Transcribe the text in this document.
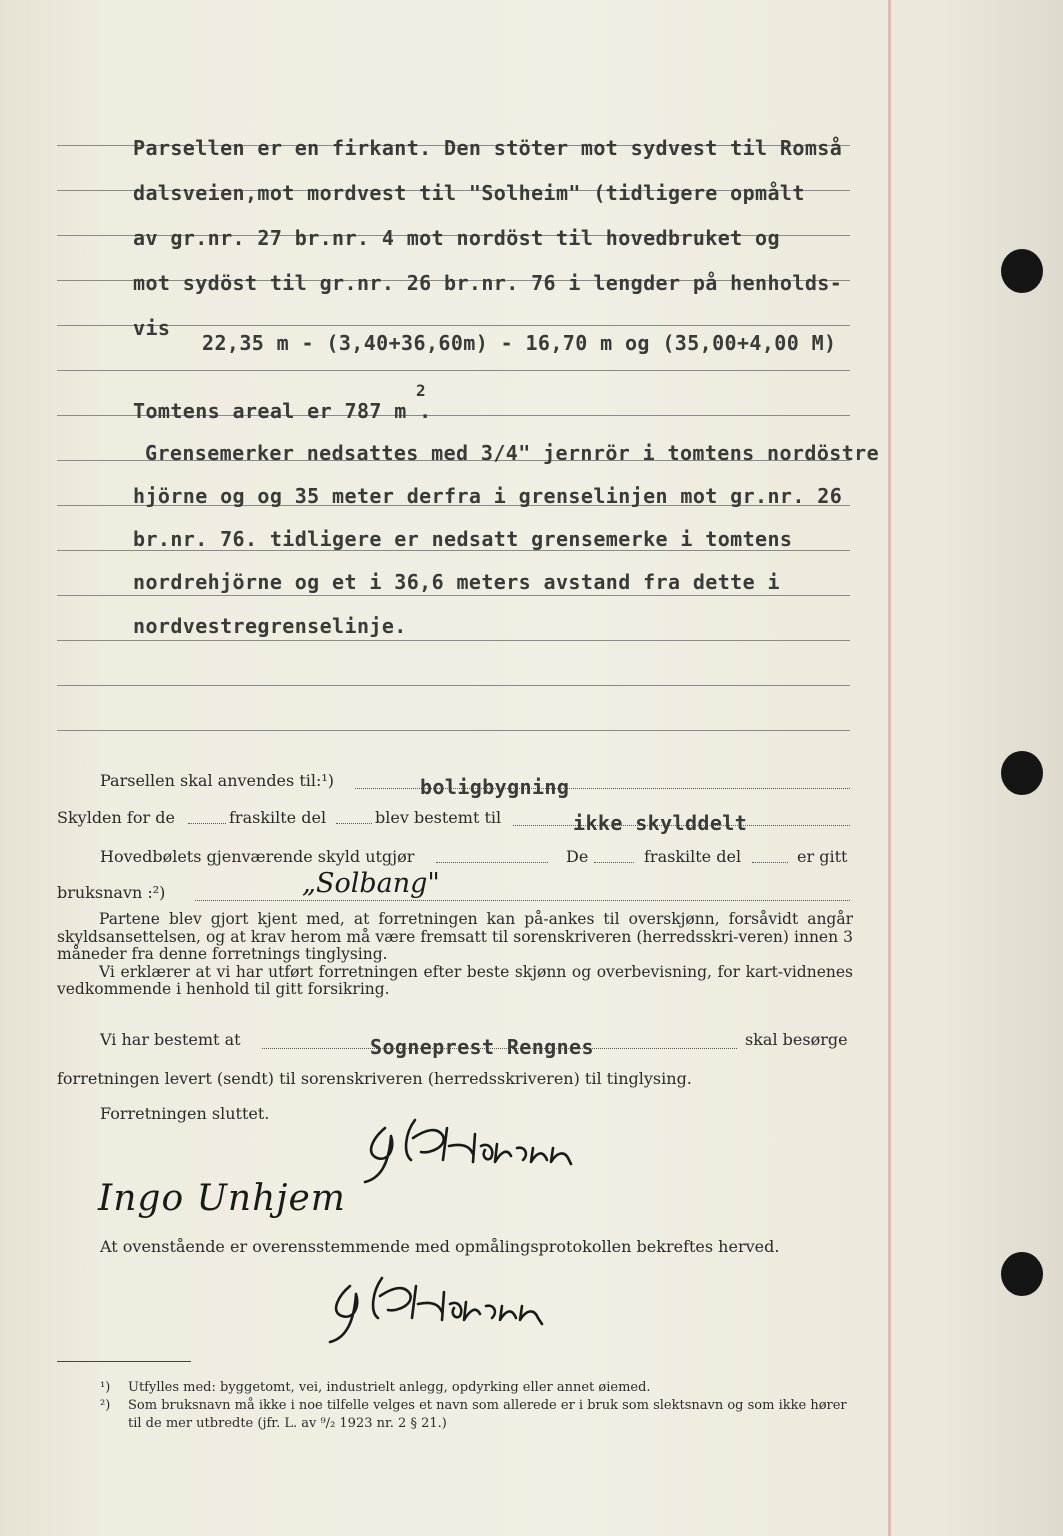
Parsellen er en firkant. Den stöter mot sydvest til Romså
dalsveien,mot mordvest til "Solheim" (tidligere opmålt
av gr.nr. 27 br.nr. 4 mot nordöst til hovedbruket og
mot sydöst til gr.nr. 26 br.nr. 76 i lengder på henholds-
vis
22,35 m - (3,40+36,60m) - 16,70 m og (35,00+4,00 M)
2
Tomtens areal er 787 m .
Grensemerker nedsattes med 3/4" jernrör i tomtens nordöstre
hjörne og og 35 meter derfra i grenselinjen mot gr.nr. 26
br.nr. 76. tidligere er nedsatt grensemerke i tomtens
nordrehjörne og et i 36,6 meters avstand fra dette i
nordvestregrenselinje.
Parsellen skal anvendes til:¹)	boligbygning
Skylden for de	fraskilte del	blev bestemt til	ikke skylddelt
Hovedbølets gjenværende skyld utgjør	De	fraskilte del	er gitt
bruksnavn :²)	„Solbang"

Partene blev gjort kjent med, at forretningen kan på-ankes til overskjønn, forsåvidt angår skyldsansettelsen, og at krav herom må være fremsatt til sorenskriveren (herredsskri-veren) innen 3 måneder fra denne forretnings tinglysing.

Vi erklærer at vi har utført forretningen efter beste skjønn og overbevisning, for kart-vidnenes vedkommende i henhold til gitt forsikring.

Vi har bestemt at	Sogneprest Rengnes	skal besørge
forretningen levert (sendt) til sorenskriveren (herredsskriveren) til tinglysing.
Forretningen sluttet.
Ingo Unhjem
At ovenstående er overensstemmende med opmålingsprotokollen bekreftes herved.
¹)	Utfylles med: byggetomt, vei, industrielt anlegg, opdyrking eller annet øiemed.
²)	Som bruksnavn må ikke i noe tilfelle velges et navn som allerede er i bruk som slektsnavn og som ikke hører til de mer utbredte (jfr. L. av ⁹/₂ 1923 nr. 2 § 21.)
